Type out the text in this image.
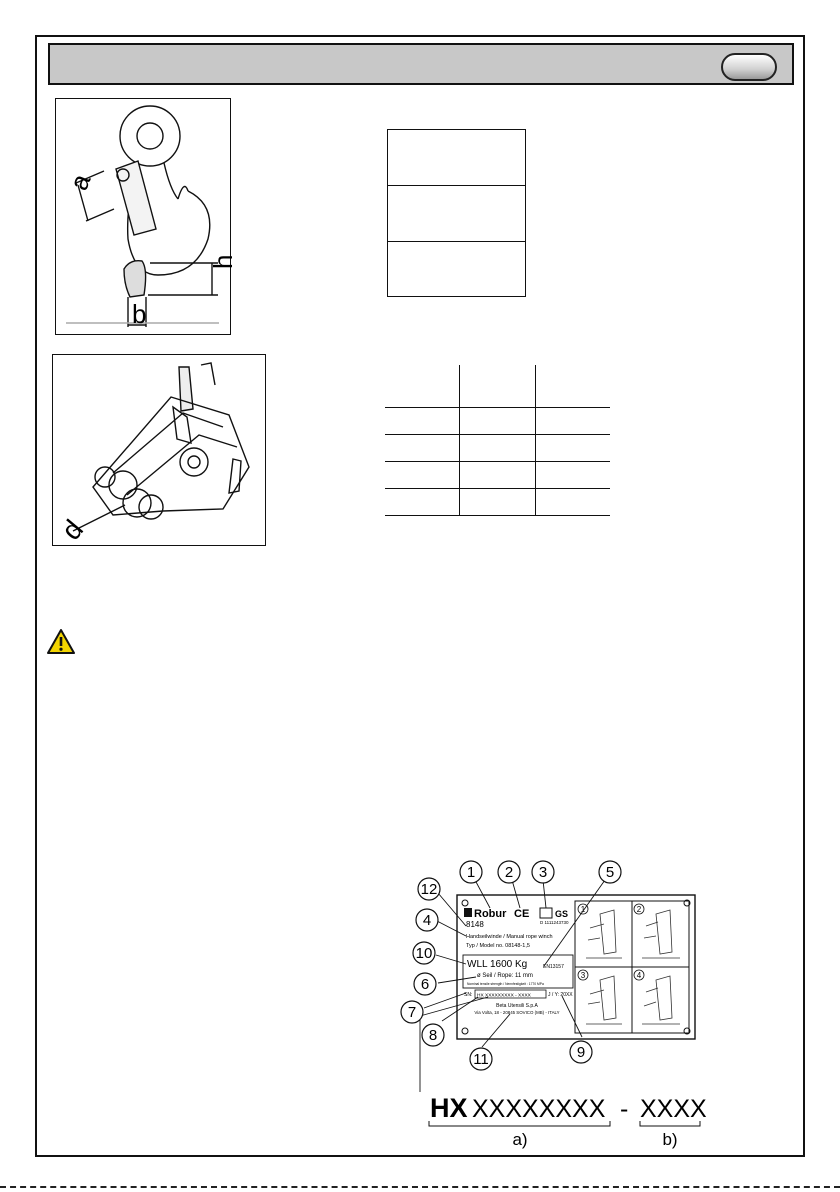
a
h
b
d
1	2
3	4
Robur CE	GS
D 1111243730
8148
Handseilwinde / Manual rope winch
Typ / Model no. 08148-1,5
WLL 1600 Kg	EN13157
ø Seil / Rope: 11 mm
Nominal tensile strength / Nennfestigkeit : 1770 MPa
SN: HX XXXXXXXXX - XXXX	J / Y: 20XX
Beta Utensili S.p.A
Via Volta, 18 - 20845 SOVICO (MB) - ITALY
1 2 3	5
12
4
10
6
7
8
9
11
HX XXXXXXXX - XXXX
a)	b)
